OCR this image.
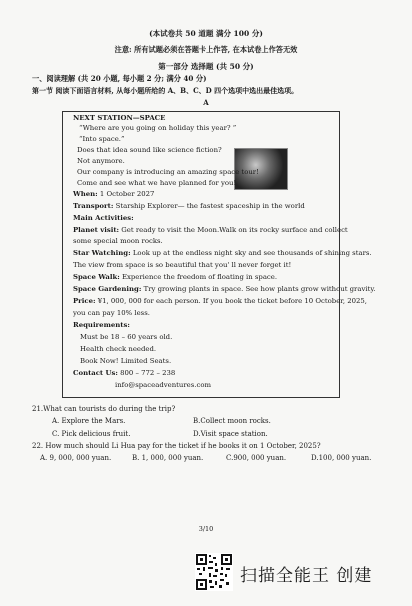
(本试卷共 50 道题 满分 100 分)
注意: 所有试题必须在答题卡上作答, 在本试卷上作答无效
第一部分 选择题 (共 50 分)
一、阅读理解 (共 20 小题, 每小题 2 分; 满分 40 分)
第一节 阅读下面语言材料, 从每小题所给的 A、B、C、D 四个选项中选出最佳选项。
A
NEXT STATION—SPACE
“Where are you going on holiday this year? ”
“Into space.”
Does that idea sound like science fiction?
Not anymore.
Our company is introducing an amazing space tour!
Come and see what we have planned for you!
When: 1 October 2027
Transport: Starship Explorer— the fastest spaceship in the world
Main Activities:
Planet visit: Get ready to visit the Moon.Walk on its rocky surface and collect
some special moon rocks.
Star Watching: Look up at the endless night sky and see thousands of shining stars.
The view from space is so beautiful that you' ll never forget it!
Space Walk: Experience the freedom of floating in space.
Space Gardening: Try growing plants in space. See how plants grow without gravity.
Price: ¥1, 000, 000 for each person. If you book the ticket before 10 October, 2025,
you can pay 10% less.
Requirements:
Must be 18 – 60 years old.
Health check needed.
Book Now! Limited Seats.
Contact Us: 800 – 772 – 238
info@spaceadventures.com
21.What can tourists do during the trip?
A. Explore the Mars.	B.Collect moon rocks.
C. Pick delicious fruit.	D.Visit space station.
22. How much should Li Hua pay for the ticket if he books it on 1 October, 2025?
A. 9, 000, 000 yuan.	B. 1, 000, 000 yuan.	C.900, 000 yuan.	D.100, 000 yuan.
3/10
扫描全能王 创建
